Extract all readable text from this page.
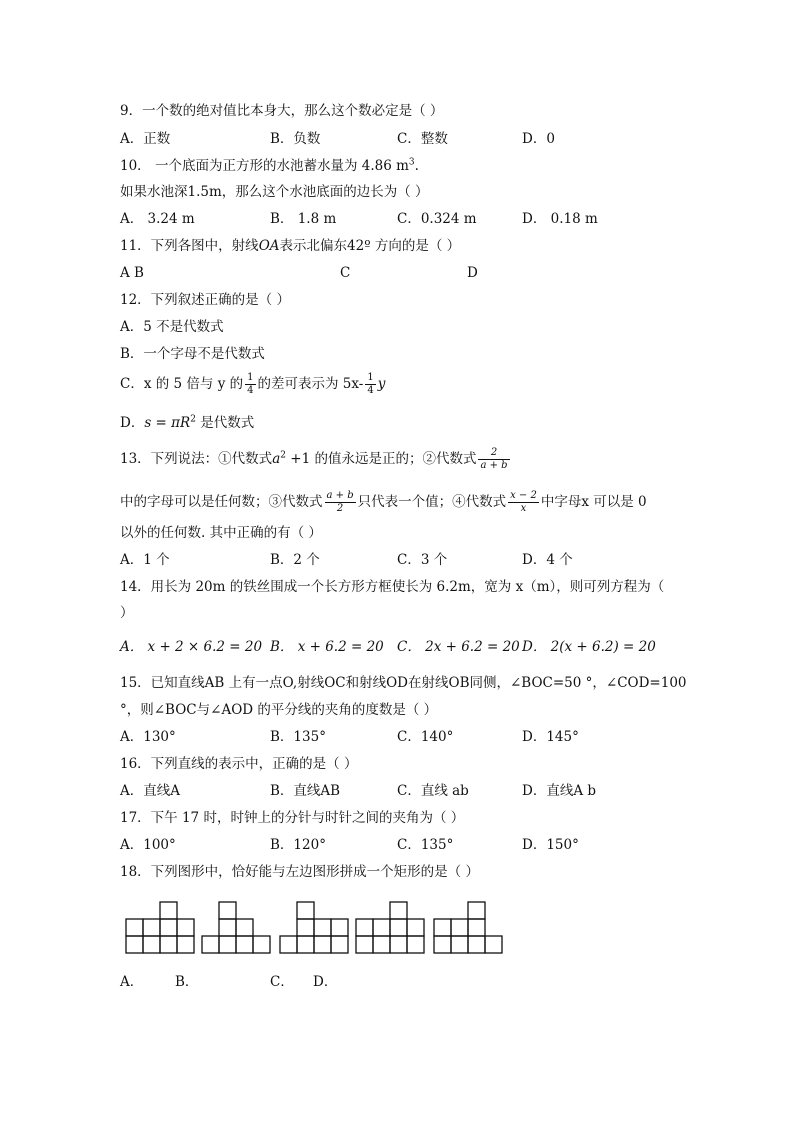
9．一个数的绝对值比本身大，那么这个数必定是（ ）
A．正数	B．负数	C．整数	D．0
10． 一个底面为正方形的水池蓄水量为 4.86 $m^3$.
如果水池深1.5m，那么这个水池底面的边长为（ ）
A． 3.24 m	B． 1.8 m	C．0.324 m	D． 0.18 m
11．下列各图中，射线OA表示北偏东42º 方向的是（ ）
A B	C	D
12．下列叙述正确的是（ ）
A．5 不是代数式
B．一个字母不是代数式
C．x 的 5 倍与 y 的 $\frac{1}{4}$ 的差可表示为 $5x- \frac{1}{4}$ y
D．$s = \pi R^2$ 是代数式
13．下列说法：①代数式$a^2 +1$ 的值永远是正的；②代数式 $\frac{2}{a + b}$
中的字母可以是任何数；③代数式 $\frac{a + b}{2}$ 只代表一个值；④代数式 $\frac{x - 2}{x}$ 中字母x 可以是 0
以外的任何数. 其中正确的有（ ）
A．1 个	B．2 个	C．3 个	D．4 个
14．用长为 20m 的铁丝围成一个长方形方框使长为 6.2m，宽为 x（m），则可列方程为（
）
A． x + 2 × 6.2 = 20 B． x + 6.2 = 20 C． 2x + 6.2 = 20 D． 2(x + 6.2) = 20
15．已知直线AB 上有一点O,射线OC和射线OD在射线OB同侧，∠BOC=50 °，∠COD=100
°，则∠BOC与∠AOD 的平分线的夹角的度数是（ ）
A．130°	B．135°	C．140°	D．145°
16．下列直线的表示中，正确的是（ ）
A．直线A	B．直线AB	C．直线 ab	D．直线A b
17．下午 17 时，时钟上的分针与时针之间的夹角为（ ）
A．100°	B．120°	C．135°	D．150°
18．下列图形中，恰好能与左边图形拼成一个矩形的是（ ）
A． B．	C． D．
